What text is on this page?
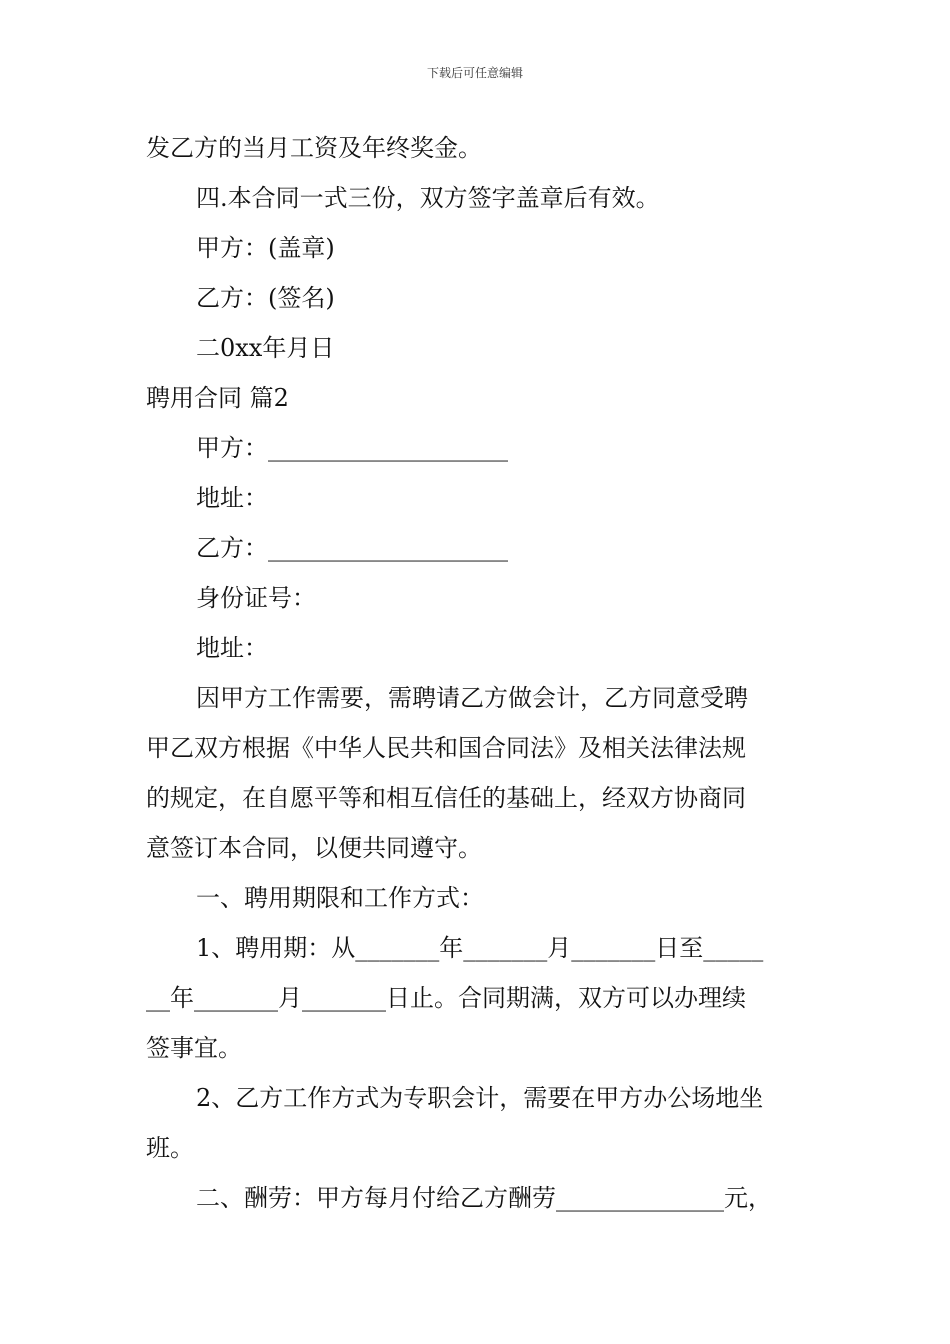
下载后可任意编辑
发乙方的当月工资及年终奖金。
四.本合同一式三份，双方签字盖章后有效。
甲方：(盖章)
乙方：(签名)
二0xx年月日
聘用合同 篇2
甲方：____________________
地址：
乙方：____________________
身份证号：
地址：
因甲方工作需要，需聘请乙方做会计，乙方同意受聘
甲乙双方根据《中华人民共和国合同法》及相关法律法规
的规定，在自愿平等和相互信任的基础上，经双方协商同
意签订本合同，以便共同遵守。
一、聘用期限和工作方式：
1、聘用期：从_______年_______月_______日至_____
__年_______月_______日止。合同期满，双方可以办理续
签事宜。
2、乙方工作方式为专职会计，需要在甲方办公场地坐
班。
二、酬劳：甲方每月付给乙方酬劳______________元，
